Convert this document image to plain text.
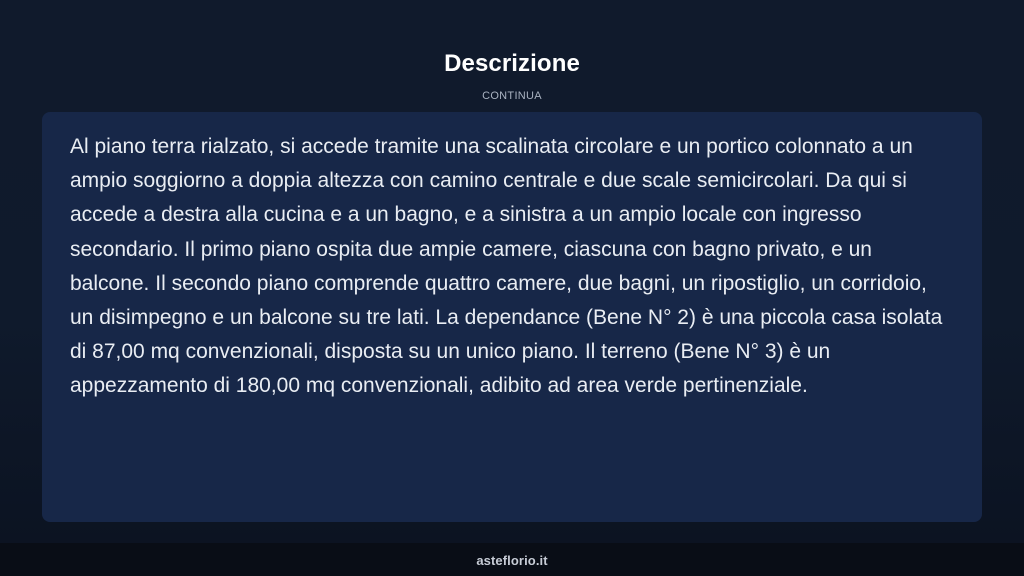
Descrizione
CONTINUA

Al piano terra rialzato, si accede tramite una scalinata circolare e un portico colonnato a un ampio soggiorno a doppia altezza con camino centrale e due scale semicircolari. Da qui si accede a destra alla cucina e a un bagno, e a sinistra a un ampio locale con ingresso secondario. Il primo piano ospita due ampie camere, ciascuna con bagno privato, e un balcone. Il secondo piano comprende quattro camere, due bagni, un ripostiglio, un corridoio, un disimpegno e un balcone su tre lati. La dependance (Bene N° 2) è una piccola casa isolata di 87,00 mq convenzionali, disposta su un unico piano. Il terreno (Bene N° 3) è un appezzamento di 180,00 mq convenzionali, adibito ad area verde pertinenziale.

asteflorio.it
